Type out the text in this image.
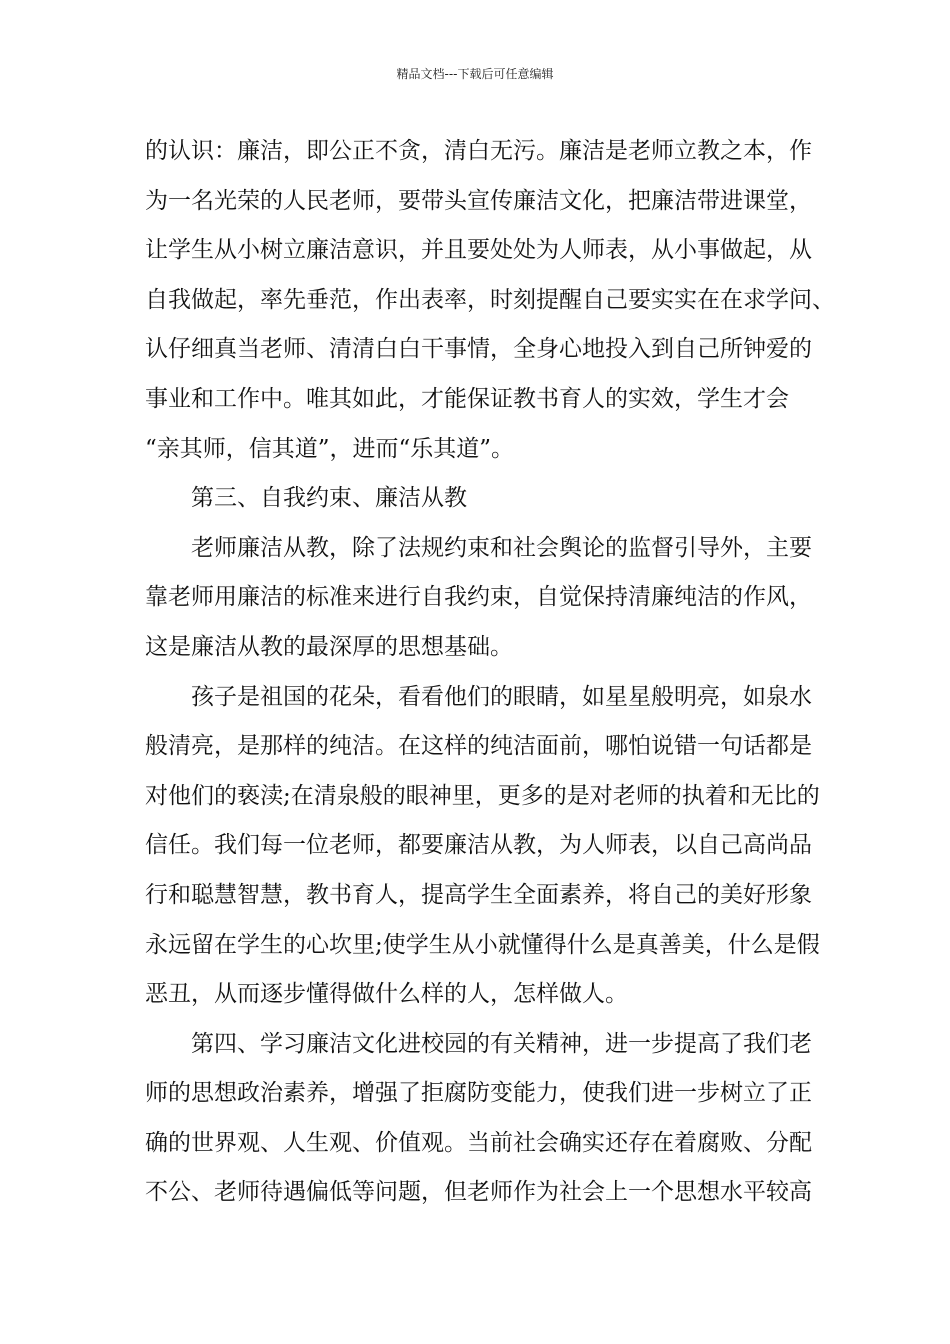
精品文档---下载后可任意编辑
的认识：廉洁，即公正不贪，清白无污。廉洁是老师立教之本，作
为一名光荣的人民老师，要带头宣传廉洁文化，把廉洁带进课堂，
让学生从小树立廉洁意识，并且要处处为人师表，从小事做起，从
自我做起，率先垂范，作出表率，时刻提醒自己要实实在在求学问、
认仔细真当老师、清清白白干事情，全身心地投入到自己所钟爱的
事业和工作中。唯其如此，才能保证教书育人的实效，学生才会
“亲其师，信其道”，进而“乐其道”。
第三、自我约束、廉洁从教
老师廉洁从教，除了法规约束和社会舆论的监督引导外，主要
靠老师用廉洁的标准来进行自我约束，自觉保持清廉纯洁的作风，
这是廉洁从教的最深厚的思想基础。
孩子是祖国的花朵，看看他们的眼睛，如星星般明亮，如泉水
般清亮，是那样的纯洁。在这样的纯洁面前，哪怕说错一句话都是
对他们的亵渎;在清泉般的眼神里，更多的是对老师的执着和无比的
信任。我们每一位老师，都要廉洁从教，为人师表，以自己高尚品
行和聪慧智慧，教书育人，提高学生全面素养，将自己的美好形象
永远留在学生的心坎里;使学生从小就懂得什么是真善美，什么是假
恶丑，从而逐步懂得做什么样的人，怎样做人。
第四、学习廉洁文化进校园的有关精神，进一步提高了我们老
师的思想政治素养，增强了拒腐防变能力，使我们进一步树立了正
确的世界观、人生观、价值观。当前社会确实还存在着腐败、分配
不公、老师待遇偏低等问题，但老师作为社会上一个思想水平较高
